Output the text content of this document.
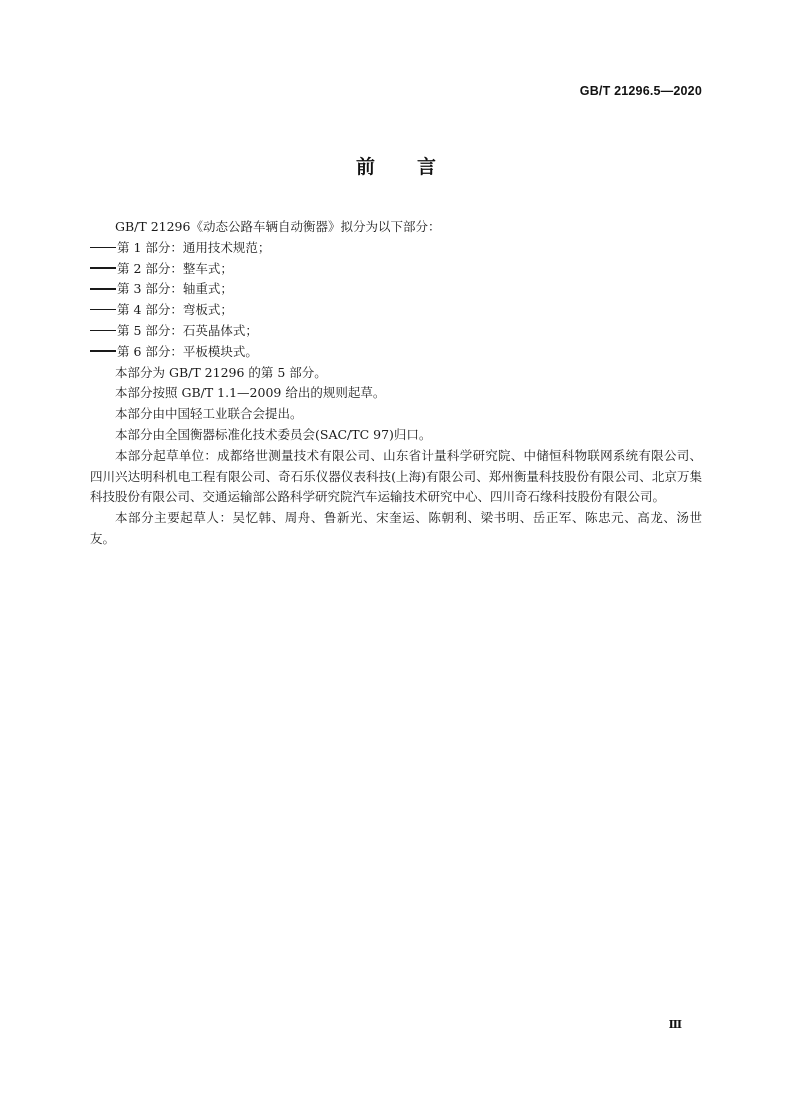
GB/T 21296.5—2020
前言

GB/T 21296《动态公路车辆自动衡器》拟分为以下部分：

第 1 部分：通用技术规范；

第 2 部分：整车式；

第 3 部分：轴重式；

第 4 部分：弯板式；

第 5 部分：石英晶体式；

第 6 部分：平板模块式。

本部分为 GB/T 21296 的第 5 部分。

本部分按照 GB/T 1.1—2009 给出的规则起草。

本部分由中国轻工业联合会提出。

本部分由全国衡器标准化技术委员会(SAC/TC 97)归口。

本部分起草单位：成都络世测量技术有限公司、山东省计量科学研究院、中储恒科物联网系统有限公司、四川兴达明科机电工程有限公司、奇石乐仪器仪表科技(上海)有限公司、郑州衡量科技股份有限公司、北京万集科技股份有限公司、交通运输部公路科学研究院汽车运输技术研究中心、四川奇石缘科技股份有限公司。

本部分主要起草人：吴忆韩、周舟、鲁新光、宋奎运、陈朝利、梁书明、岳正军、陈忠元、高龙、汤世友。

Ⅲ
